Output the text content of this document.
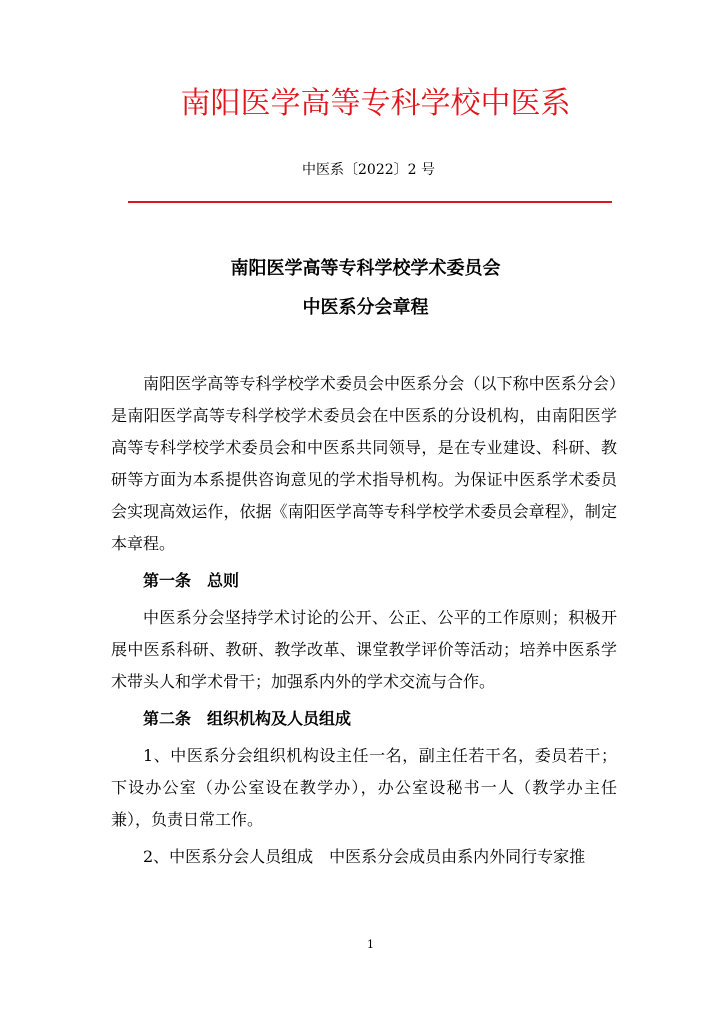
南阳医学高等专科学校中医系
中医系〔2022〕2 号
南阳医学高等专科学校学术委员会
中医系分会章程

南阳医学高等专科学校学术委员会中医系分会（以下称中医系分会）是南阳医学高等专科学校学术委员会在中医系的分设机构，由南阳医学高等专科学校学术委员会和中医系共同领导，是在专业建设、科研、教研等方面为本系提供咨询意见的学术指导机构。为保证中医系学术委员会实现高效运作，依据《南阳医学高等专科学校学术委员会章程》，制定本章程。

第一条　总则

中医系分会坚持学术讨论的公开、公正、公平的工作原则；积极开展中医系科研、教研、教学改革、课堂教学评价等活动；培养中医系学术带头人和学术骨干；加强系内外的学术交流与合作。

第二条　组织机构及人员组成

1、中医系分会组织机构设主任一名，副主任若干名，委员若干；下设办公室（办公室设在教学办），办公室设秘书一人（教学办主任兼），负责日常工作。

2、中医系分会人员组成　中医系分会成员由系内外同行专家推

1
